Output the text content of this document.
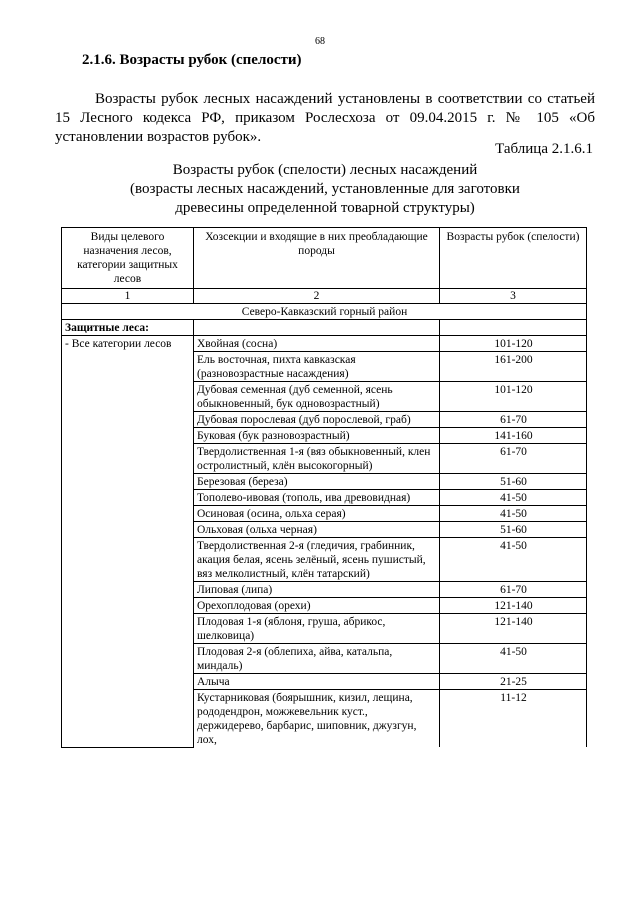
68
2.1.6. Возрасты рубок (спелости)
Возрасты рубок лесных насаждений установлены в соответствии со статьей 15 Лесного кодекса РФ, приказом Рослесхоза от 09.04.2015 г. № 105 «Об установлении возрастов рубок».
Таблица 2.1.6.1
Возрасты рубок (спелости) лесных насаждений
(возрасты лесных насаждений, установленные для заготовки
древесины определенной товарной структуры)
Виды целевого назначения лесов, категории защитных лесов	Хозсекции и входящие в них преобладающие породы	Возрасты рубок (спелости)
1	2	3
Северо-Кавказский горный район		
Защитные леса:		
- Все категории лесов	Хвойная (сосна)	101-120
	Ель восточная, пихта кавказская (разновозрастные насаждения)	161-200
	Дубовая семенная (дуб семенной, ясень обыкновенный, бук одновозрастный)	101-120
	Дубовая порослевая (дуб порослевой, граб)	61-70
	Буковая (бук разновозрастный)	141-160
	Твердолиственная 1-я (вяз обыкновенный, клен остролистный, клён высокогорный)	61-70
	Березовая (береза)	51-60
	Тополево-ивовая (тополь, ива древовидная)	41-50
	Осиновая (осина, ольха серая)	41-50
	Ольховая (ольха черная)	51-60
	Твердолиственная 2-я (гледичия, грабинник, акация белая, ясень зелёный, ясень пушистый, вяз мелколистный, клён татарский)	41-50
	Липовая (липа)	61-70
	Орехоплодовая (орехи)	121-140
	Плодовая 1-я (яблоня, груша, абрикос, шелковица)	121-140
	Плодовая 2-я (облепиха, айва, катальпа, миндаль)	41-50
	Алыча	21-25
	Кустарниковая (боярышник, кизил, лещина, рододендрон, можжевельник куст., держидерево, барбарис, шиповник, джузгун, лох,	11-12
